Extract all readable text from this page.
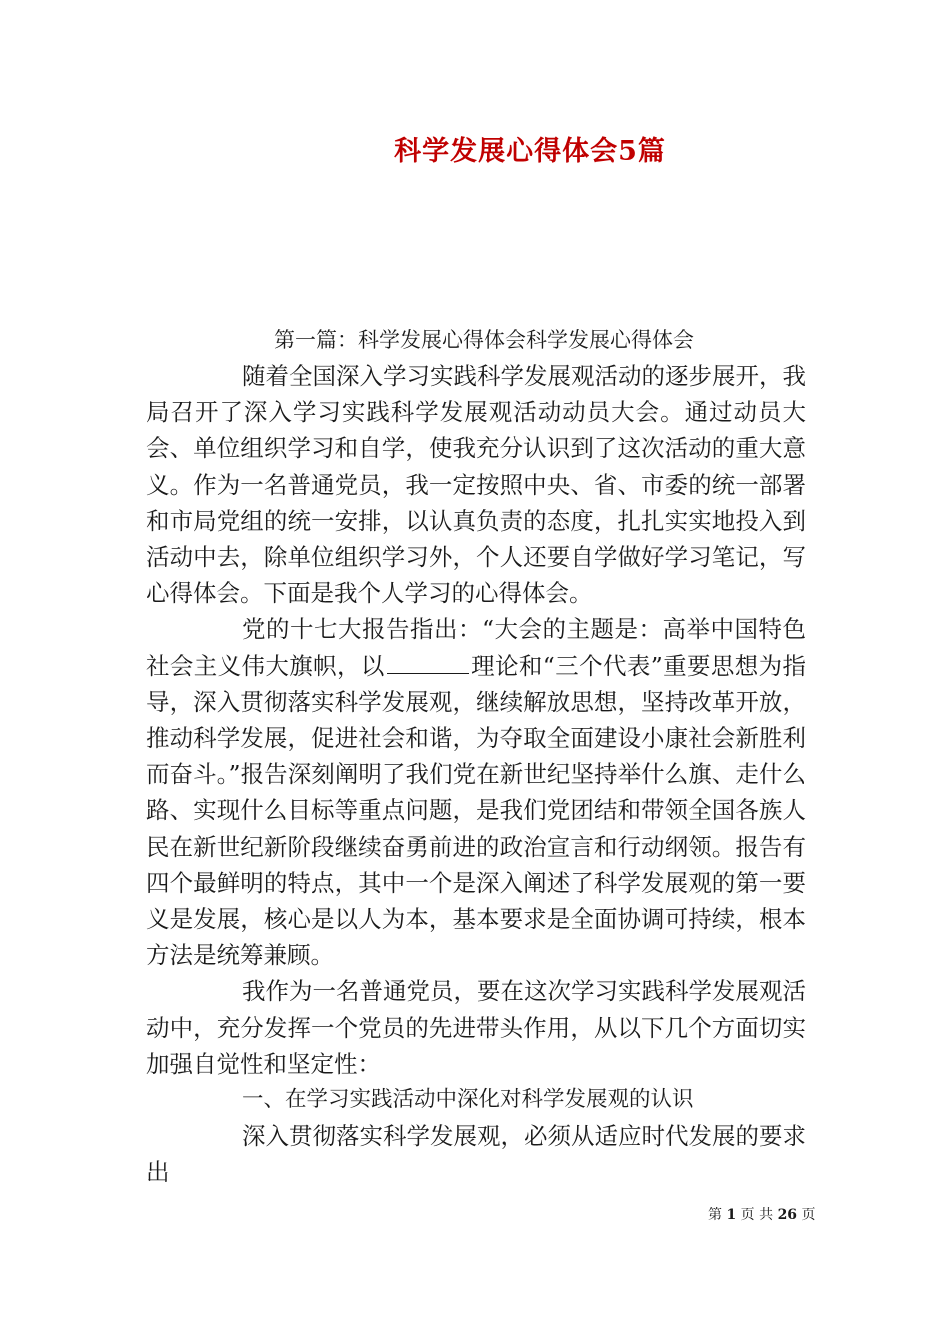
科学发展心得体会5篇
第一篇：科学发展心得体会科学发展心得体会

随着全国深入学习实践科学发展观活动的逐步展开，我局召开了深入学习实践科学发展观活动动员大会。通过动员大会、单位组织学习和自学，使我充分认识到了这次活动的重大意义。作为一名普通党员，我一定按照中央、省、市委的统一部署和市局党组的统一安排，以认真负责的态度，扎扎实实地投入到活动中去，除单位组织学习外，个人还要自学做好学习笔记，写心得体会。下面是我个人学习的心得体会。

党的十七大报告指出：“大会的主题是：高举中国特色社会主义伟大旗帜，以	理论和“三个代表”重要思想为指导，深入贯彻落实科学发展观，继续解放思想，坚持改革开放，推动科学发展，促进社会和谐，为夺取全面建设小康社会新胜利而奋斗。”报告深刻阐明了我们党在新世纪坚持举什么旗、走什么路、实现什么目标等重点问题，是我们党团结和带领全国各族人民在新世纪新阶段继续奋勇前进的政治宣言和行动纲领。报告有四个最鲜明的特点，其中一个是深入阐述了科学发展观的第一要义是发展，核心是以人为本，基本要求是全面协调可持续，根本方法是统筹兼顾。

我作为一名普通党员，要在这次学习实践科学发展观活动中，充分发挥一个党员的先进带头作用，从以下几个方面切实加强自觉性和坚定性：

一、在学习实践活动中深化对科学发展观的认识

深入贯彻落实科学发展观，必须从适应时代发展的要求出

第 1 页 共 26 页
